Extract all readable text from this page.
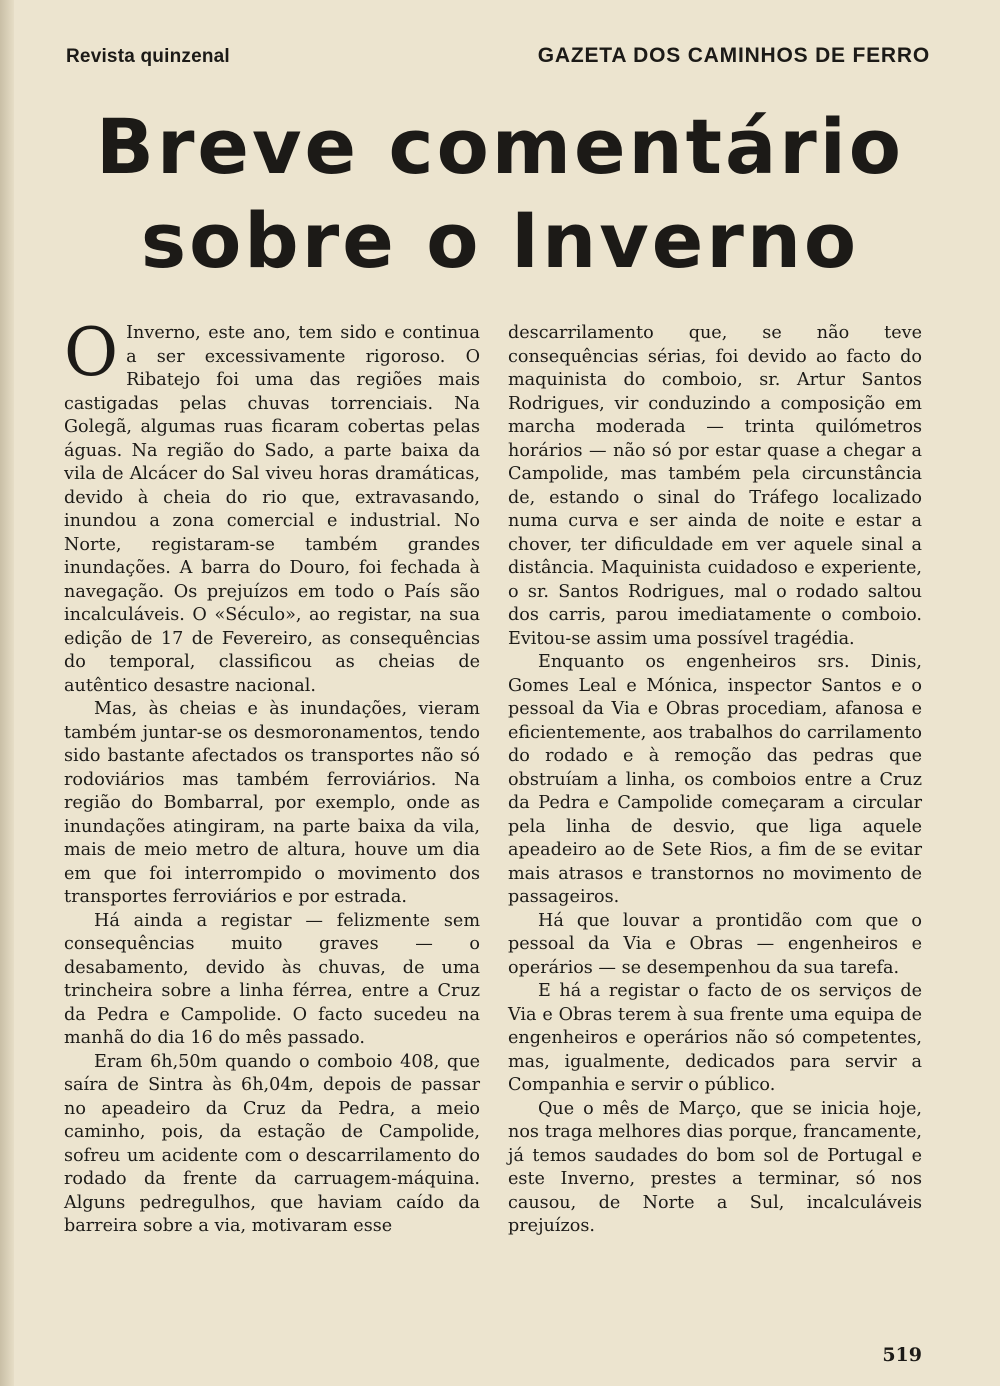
Revista quinzenal	GAZETA DOS CAMINHOS DE FERRO
Breve comentário
sobre o Inverno

O Inverno, este ano, tem sido e continua a ser excessivamente rigoroso. O Ribatejo foi uma das regiões mais castigadas pelas chuvas torrenciais. Na Golegã, algumas ruas ficaram cobertas pelas águas. Na região do Sado, a parte baixa da vila de Alcácer do Sal viveu horas dramáticas, devido à cheia do rio que, extravasando, inundou a zona comercial e industrial. No Norte, registaram-se também grandes inundações. A barra do Douro, foi fechada à navegação. Os prejuízos em todo o País são incalculáveis. O «Século», ao registar, na sua edição de 17 de Fevereiro, as consequências do temporal, classificou as cheias de autêntico desastre nacional.

Mas, às cheias e às inundações, vieram também juntar-se os desmoronamentos, tendo sido bastante afectados os transportes não só rodoviários mas também ferroviários. Na região do Bombarral, por exemplo, onde as inundações atingiram, na parte baixa da vila, mais de meio metro de altura, houve um dia em que foi interrompido o movimento dos transportes ferroviários e por estrada.

Há ainda a registar — felizmente sem consequências muito graves — o desabamento, devido às chuvas, de uma trincheira sobre a linha férrea, entre a Cruz da Pedra e Campolide. O facto sucedeu na manhã do dia 16 do mês passado.

Eram 6h,50m quando o comboio 408, que saíra de Sintra às 6h,04m, depois de passar no apeadeiro da Cruz da Pedra, a meio caminho, pois, da estação de Campolide, sofreu um acidente com o descarrilamento do rodado da frente da carruagem-máquina. Alguns pedregulhos, que haviam caído da barreira sobre a via, motivaram esse

descarrilamento que, se não teve consequências sérias, foi devido ao facto do maquinista do comboio, sr. Artur Santos Rodrigues, vir conduzindo a composição em marcha moderada — trinta quilómetros horários — não só por estar quase a chegar a Campolide, mas também pela circunstância de, estando o sinal do Tráfego localizado numa curva e ser ainda de noite e estar a chover, ter dificuldade em ver aquele sinal a distância. Maquinista cuidadoso e experiente, o sr. Santos Rodrigues, mal o rodado saltou dos carris, parou imediatamente o comboio. Evitou-se assim uma possível tragédia.

Enquanto os engenheiros srs. Dinis, Gomes Leal e Mónica, inspector Santos e o pessoal da Via e Obras procediam, afanosa e eficientemente, aos trabalhos do carrilamento do rodado e à remoção das pedras que obstruíam a linha, os comboios entre a Cruz da Pedra e Campolide começaram a circular pela linha de desvio, que liga aquele apeadeiro ao de Sete Rios, a fim de se evitar mais atrasos e transtornos no movimento de passageiros.

Há que louvar a prontidão com que o pessoal da Via e Obras — engenheiros e operários — se desempenhou da sua tarefa.

E há a registar o facto de os serviços de Via e Obras terem à sua frente uma equipa de engenheiros e operários não só competentes, mas, igualmente, dedicados para servir a Companhia e servir o público.

Que o mês de Março, que se inicia hoje, nos traga melhores dias porque, francamente, já temos saudades do bom sol de Portugal e este Inverno, prestes a terminar, só nos causou, de Norte a Sul, incalculáveis prejuízos.

519
